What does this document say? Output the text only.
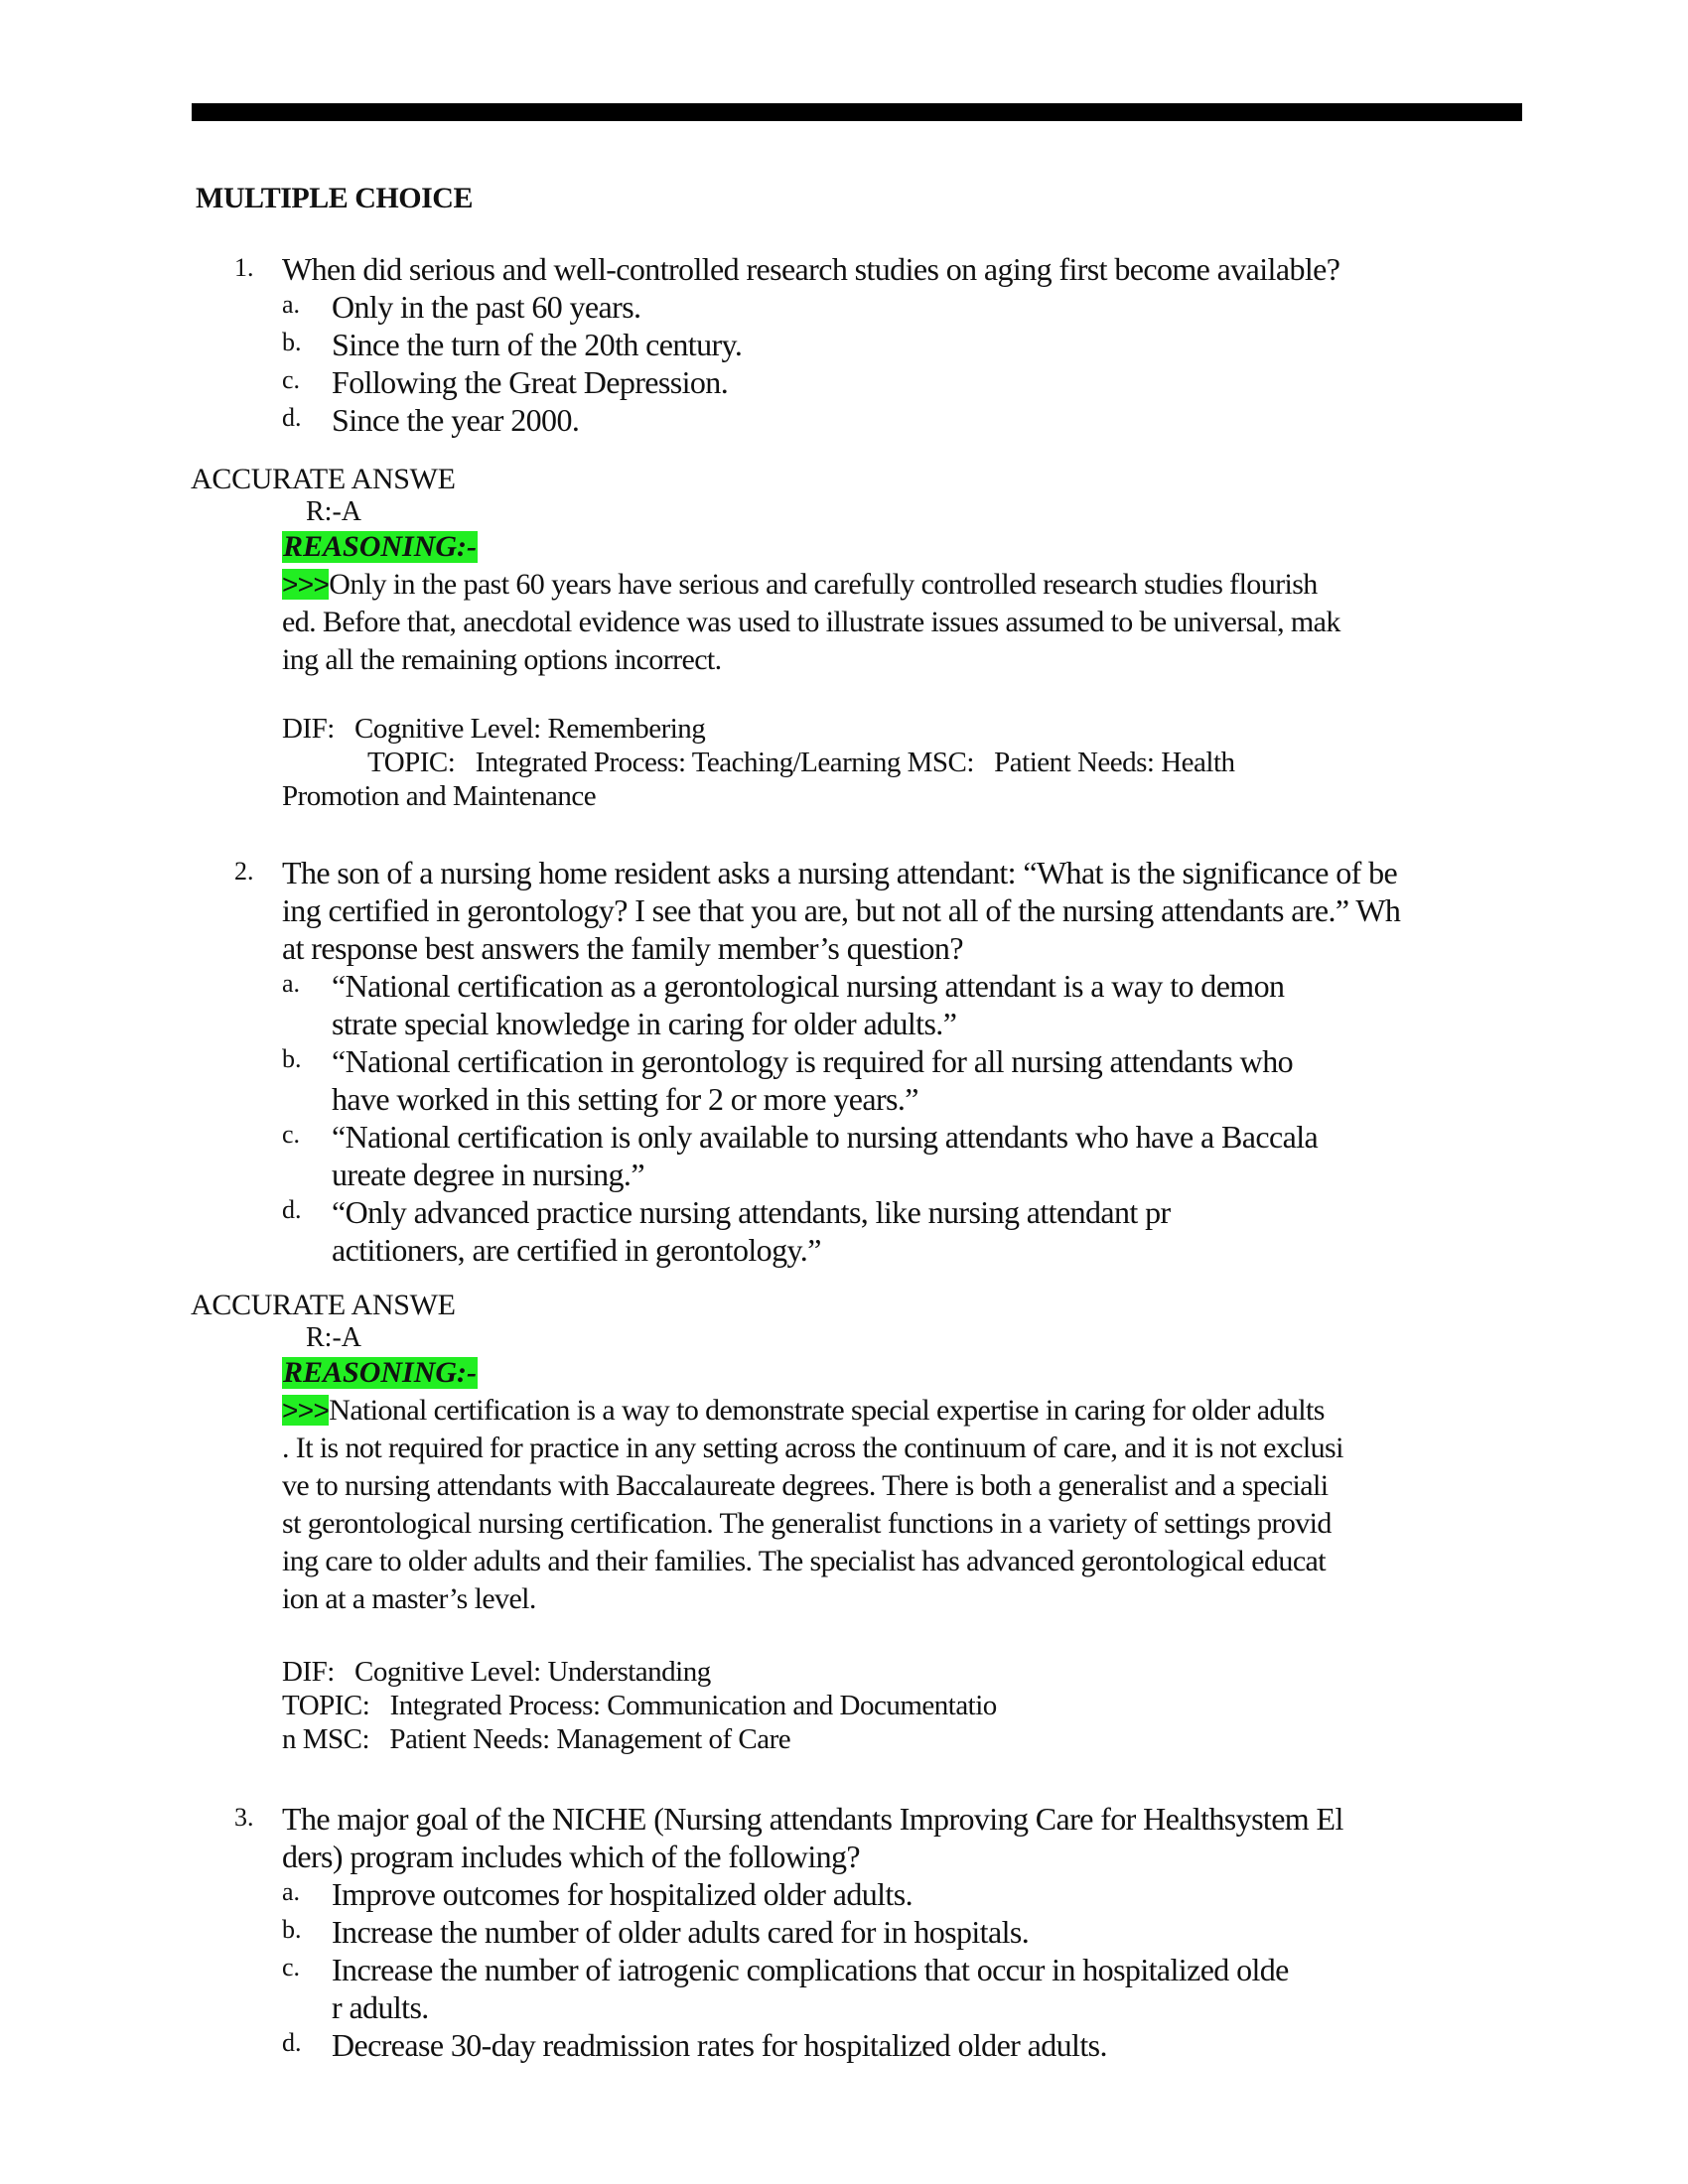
MULTIPLE CHOICE
1. When did serious and well-controlled research studies on aging first become available?
a. Only in the past 60 years.
b. Since the turn of the 20th century.
c. Following the Great Depression.
d. Since the year 2000.
ACCURATE ANSWE
R:-A
REASONING:-
>>>Only in the past 60 years have serious and carefully controlled research studies flourish
ed. Before that, anecdotal evidence was used to illustrate issues assumed to be universal, mak
ing all the remaining options incorrect.
DIF:   Cognitive Level: Remembering
TOPIC:   Integrated Process: Teaching/Learning MSC:   Patient Needs: Health
Promotion and Maintenance
2. The son of a nursing home resident asks a nursing attendant: “What is the significance of be
ing certified in gerontology? I see that you are, but not all of the nursing attendants are.” Wh
at response best answers the family member’s question?
a. “National certification as a gerontological nursing attendant is a way to demon
strate special knowledge in caring for older adults.”
b. “National certification in gerontology is required for all nursing attendants who
have worked in this setting for 2 or more years.”
c. “National certification is only available to nursing attendants who have a Baccala
ureate degree in nursing.”
d. “Only advanced practice nursing attendants, like nursing attendant pr
actitioners, are certified in gerontology.”
ACCURATE ANSWE
R:-A
REASONING:-
>>>National certification is a way to demonstrate special expertise in caring for older adults
. It is not required for practice in any setting across the continuum of care, and it is not exclusi
ve to nursing attendants with Baccalaureate degrees. There is both a generalist and a speciali
st gerontological nursing certification. The generalist functions in a variety of settings provid
ing care to older adults and their families. The specialist has advanced gerontological educat
ion at a master’s level.
DIF:   Cognitive Level: Understanding
TOPIC:   Integrated Process: Communication and Documentatio
n MSC:   Patient Needs: Management of Care
3. The major goal of the NICHE (Nursing attendants Improving Care for Healthsystem El
ders) program includes which of the following?
a. Improve outcomes for hospitalized older adults.
b. Increase the number of older adults cared for in hospitals.
c. Increase the number of iatrogenic complications that occur in hospitalized olde
r adults.
d. Decrease 30-day readmission rates for hospitalized older adults.
